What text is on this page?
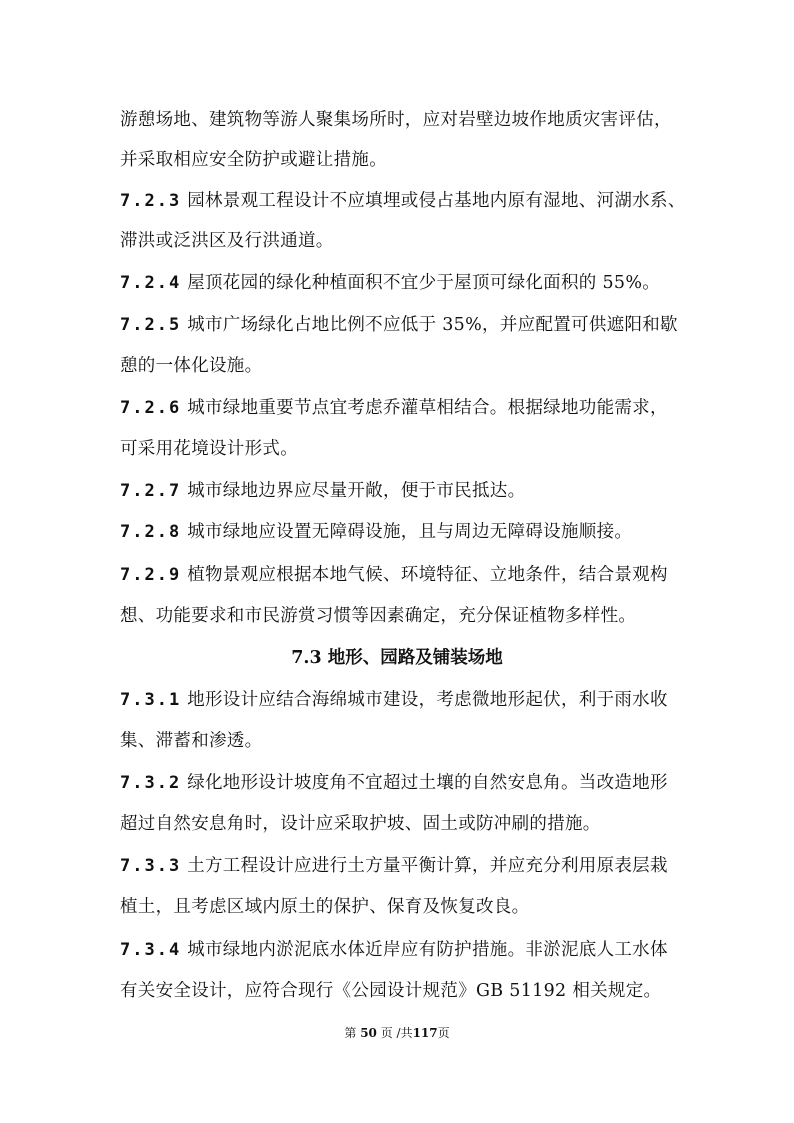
游憩场地、建筑物等游人聚集场所时，应对岩壁边坡作地质灾害评估，
并采取相应安全防护或避让措施。
7.2.3 园林景观工程设计不应填埋或侵占基地内原有湿地、河湖水系、
滞洪或泛洪区及行洪通道。
7.2.4 屋顶花园的绿化种植面积不宜少于屋顶可绿化面积的 55%。
7.2.5 城市广场绿化占地比例不应低于 35%，并应配置可供遮阳和歇
憩的一体化设施。
7.2.6 城市绿地重要节点宜考虑乔灌草相结合。根据绿地功能需求，
可采用花境设计形式。
7.2.7 城市绿地边界应尽量开敞，便于市民抵达。
7.2.8 城市绿地应设置无障碍设施，且与周边无障碍设施顺接。
7.2.9 植物景观应根据本地气候、环境特征、立地条件，结合景观构
想、功能要求和市民游赏习惯等因素确定，充分保证植物多样性。
7.3 地形、园路及铺装场地
7.3.1 地形设计应结合海绵城市建设，考虑微地形起伏，利于雨水收
集、滞蓄和渗透。
7.3.2 绿化地形设计坡度角不宜超过土壤的自然安息角。当改造地形
超过自然安息角时，设计应采取护坡、固土或防冲刷的措施。
7.3.3 土方工程设计应进行土方量平衡计算，并应充分利用原表层栽
植土，且考虑区域内原土的保护、保育及恢复改良。
7.3.4 城市绿地内淤泥底水体近岸应有防护措施。非淤泥底人工水体
有关安全设计，应符合现行《公园设计规范》GB 51192 相关规定。
第 50 页 /共117页
